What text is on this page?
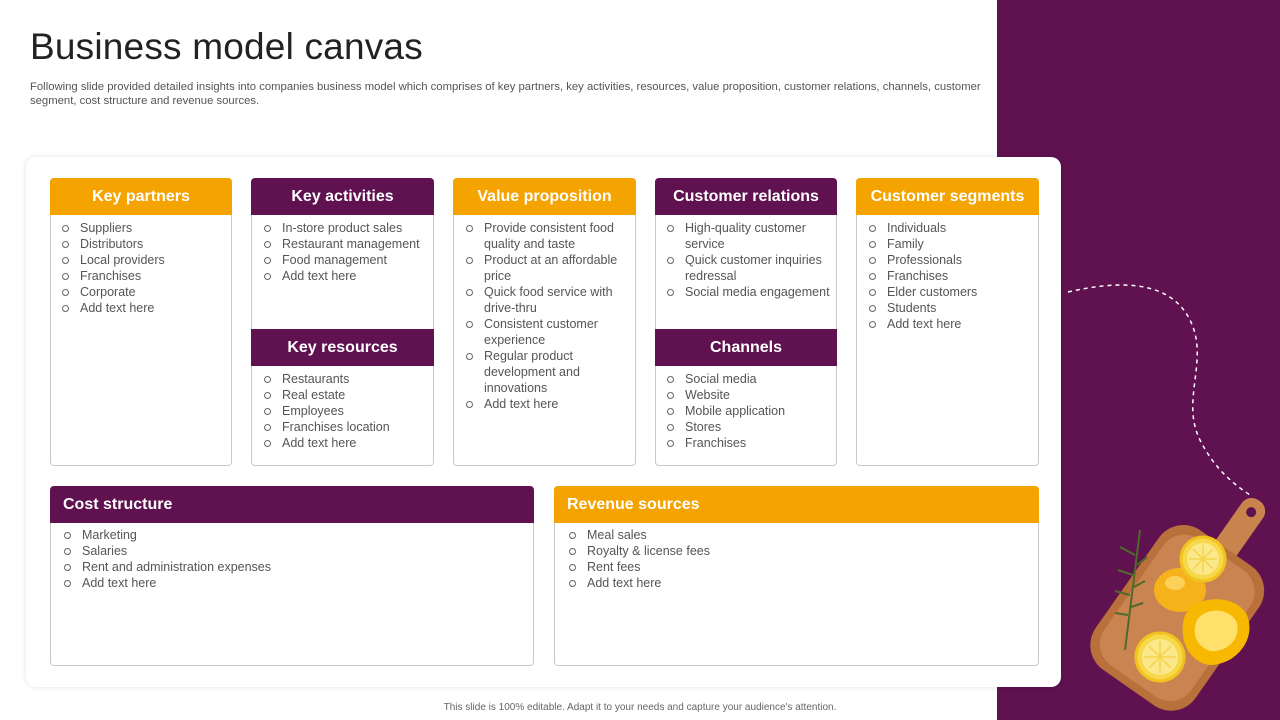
Business model canvas

Following slide provided detailed insights into companies business model which comprises of key partners, key activities, resources, value proposition, customer relations, channels, customer segment, cost structure and revenue sources.

Key partners
Suppliers
Distributors
Local providers
Franchises
Corporate
Add text here
Key activities
In-store product sales
Restaurant management
Food management
Add text here
Key resources
Restaurants
Real estate
Employees
Franchises location
Add text here
Value proposition
Provide consistent food quality and taste
Product at an affordable price
Quick food service with drive-thru
Consistent customer experience
Regular product development and innovations
Add text here
Customer relations
High-quality customer service
Quick customer inquiries redressal
Social media engagement
Channels
Social media
Website
Mobile application
Stores
Franchises
Customer segments
Individuals
Family
Professionals
Franchises
Elder customers
Students
Add text here
Cost structure
Marketing
Salaries
Rent and administration expenses
Add text here
Revenue sources
Meal sales
Royalty & license fees
Rent fees
Add text here
This slide is 100% editable. Adapt it to your needs and capture your audience's attention.
